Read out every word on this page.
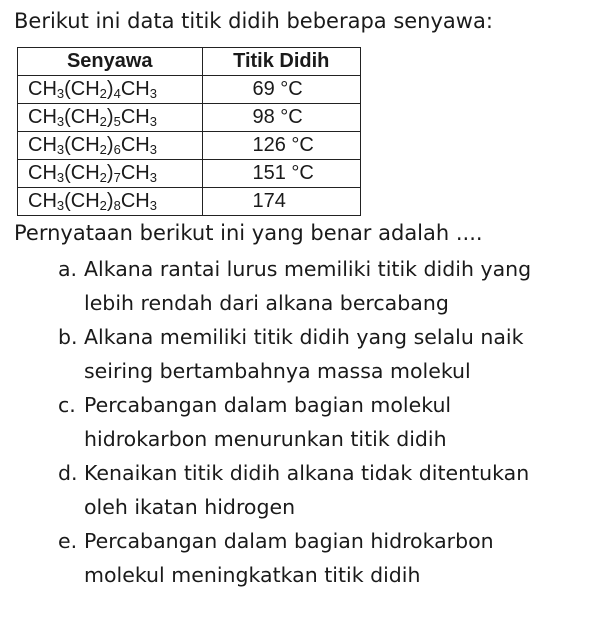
Berikut ini data titik didih beberapa senyawa:
Senyawa	Titik Didih
$CH_3(CH_2)_4CH_3$	69 °C
$CH_3(CH_2)_5CH_3$	98 °C
$CH_3(CH_2)_6CH_3$	126 °C
$CH_3(CH_2)_7CH_3$	151 °C
$CH_3(CH_2)_8CH_3$	174
Pernyataan berikut ini yang benar adalah ....
a. Alkana rantai lurus memiliki titik didih yang
lebih rendah dari alkana bercabang
b. Alkana memiliki titik didih yang selalu naik
seiring bertambahnya massa molekul
c. Percabangan dalam bagian molekul
hidrokarbon menurunkan titik didih
d. Kenaikan titik didih alkana tidak ditentukan
oleh ikatan hidrogen
e. Percabangan dalam bagian hidrokarbon
molekul meningkatkan titik didih
